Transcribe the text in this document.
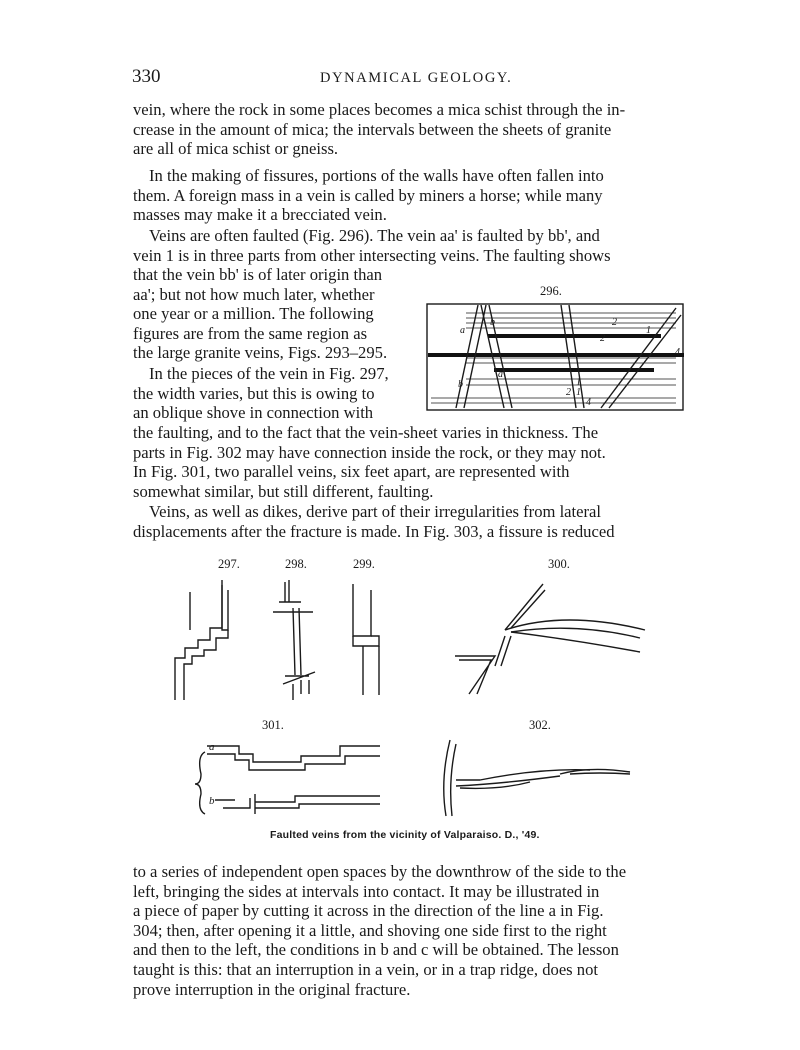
330	DYNAMICAL GEOLOGY.
vein, where the rock in some places becomes a mica schist through the in-
crease in the amount of mica; the intervals between the sheets of granite
are all of mica schist or gneiss.
In the making of fissures, portions of the walls have often fallen into
them. A foreign mass in a vein is called by miners a horse; while many
masses may make it a brecciated vein.
Veins are often faulted (Fig. 296). The vein aa' is faulted by bb', and
vein 1 is in three parts from other intersecting veins. The faulting shows
that the vein bb' is of later origin than
aa'; but not how much later, whether
one year or a million. The following
figures are from the same region as
the large granite veins, Figs. 293–295.
In the pieces of the vein in Fig. 297,
the width varies, but this is owing to
an oblique shove in connection with
the faulting, and to the fact that the vein-sheet varies in thickness. The
parts in Fig. 302 may have connection inside the rock, or they may not.
In Fig. 301, two parallel veins, six feet apart, are represented with
somewhat similar, but still different, faulting.
Veins, as well as dikes, derive part of their irregularities from lateral
displacements after the fracture is made. In Fig. 303, a fissure is reduced
296.
a
b
a'
b
2 1
1
4
2
1
4
2
297.	298.	299.	300.
301.	302.
a
b
Faulted veins from the vicinity of Valparaiso. D., '49.
to a series of independent open spaces by the downthrow of the side to the
left, bringing the sides at intervals into contact. It may be illustrated in
a piece of paper by cutting it across in the direction of the line a in Fig.
304; then, after opening it a little, and shoving one side first to the right
and then to the left, the conditions in b and c will be obtained. The lesson
taught is this: that an interruption in a vein, or in a trap ridge, does not
prove interruption in the original fracture.
